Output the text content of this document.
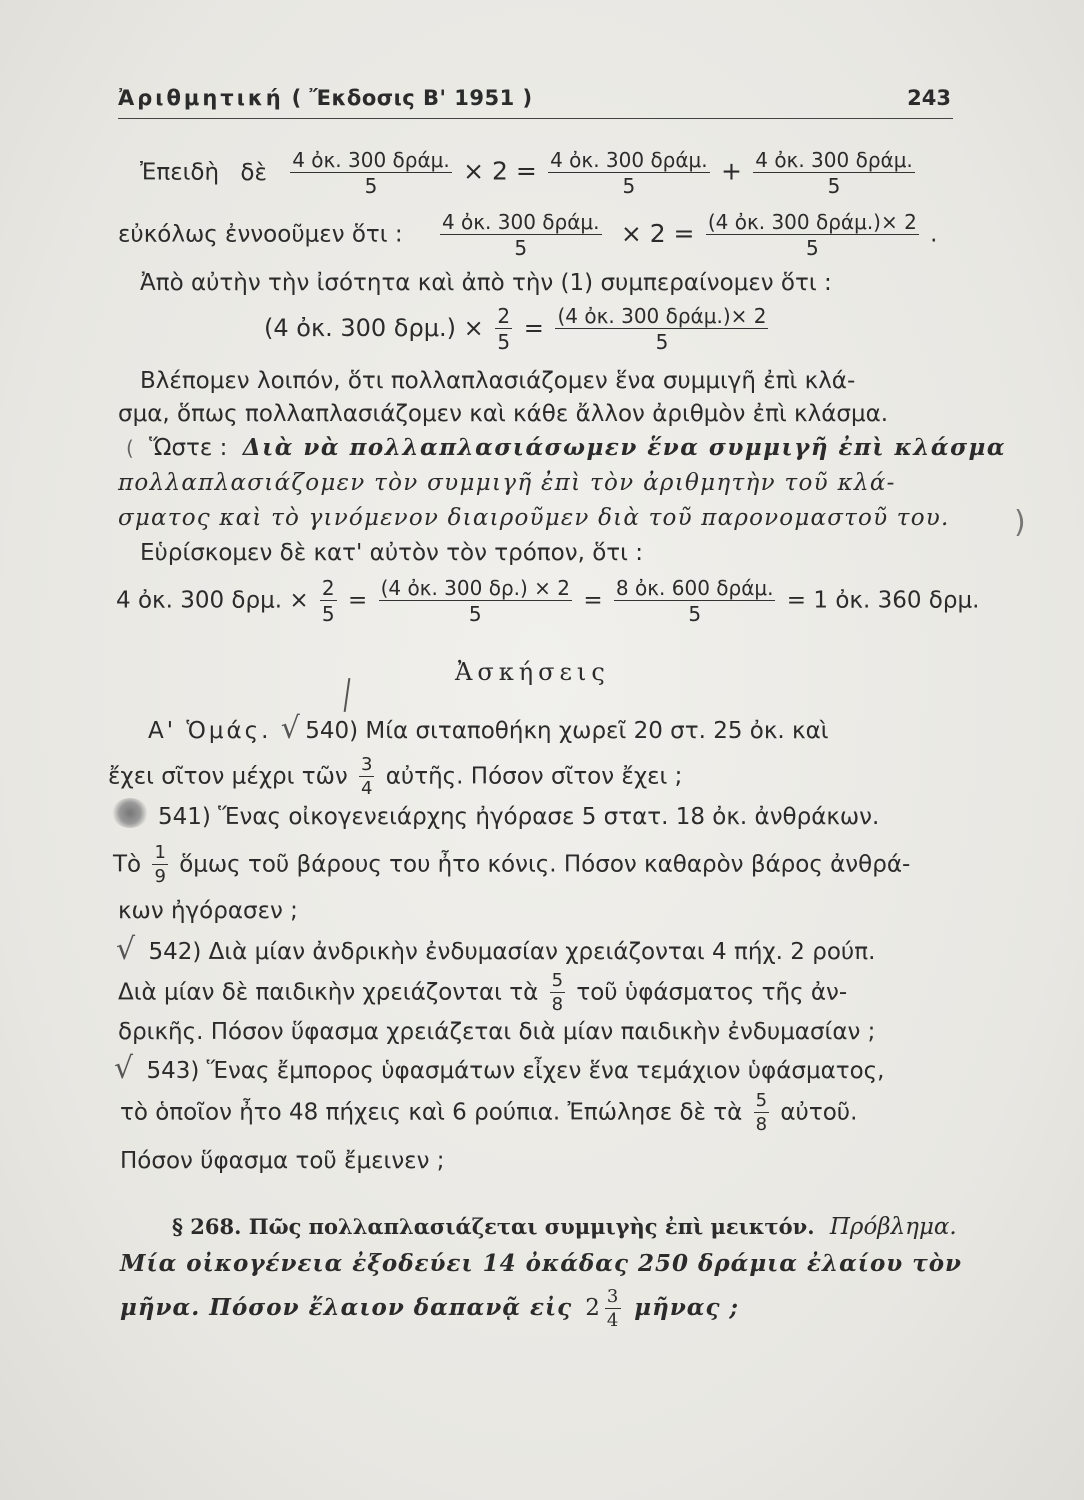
Ἀριθμητική ( Ἔκδοσις Β' 1951 )	243
Ἐπειδὴ δὲ $\frac{\text{4 ὀκ. 300 δράμ.}}{5} \times 2 = \frac{\text{4 ὀκ. 300 δράμ.}}{5} + \frac{\text{4 ὀκ. 300 δράμ.}}{5}$
εὐκόλως ἐννοοῦμεν ὅτι : $\frac{\text{4 ὀκ. 300 δράμ.}}{5} \times 2 = \frac{\text{(4 ὀκ. 300 δράμ.)× 2}}{5}$ .
Ἀπὸ αὐτὴν τὴν ἰσότητα καὶ ἀπὸ τὴν (1) συμπεραίνομεν ὅτι :
(4 ὀκ. 300 $\delta\rho\mu.) \times \frac{2}{5} = \frac{\text{(4 ὀκ. 300 δράμ.)× 2}}{5}$
Βλέπομεν λοιπόν, ὅτι πολλαπλασιάζομεν ἕνα συμμιγῆ ἐπὶ κλά-
σμα, ὅπως πολλαπλασιάζομεν καὶ κάθε ἄλλον ἀριθμὸν ἐπὶ κλάσμα.
( Ὥστε : Διὰ νὰ πολλαπλασιάσωμεν ἕνα συμμιγῆ ἐπὶ κλάσμα
πολλαπλασιάζομεν τὸν συμμιγῆ ἐπὶ τὸν ἀριθμητὴν τοῦ κλά-
σματος καὶ τὸ γινόμενον διαιροῦμεν διὰ τοῦ παρονομαστοῦ του. )
Εὑρίσκομεν δὲ κατ' αὐτὸν τὸν τρόπον, ὅτι :
4 ὀκ. 300 δρμ. × $\frac{2}{5} = \frac{\text{(4 ὀκ. 300 δρ.) × 2}}{5} = \frac{\text{8 ὀκ. 600 δράμ.}}{5} = 1$ ὀκ. 360 δρμ.
Ἀσκήσεις
Α' Ὁμάς. √ 540) Μία σιταποθήκη χωρεῖ 20 στ. 25 ὀκ. καὶ
ἔχει σῖτον μέχρι τῶν $\frac{3}{4}$ αὐτῆς. Πόσον σῖτον ἔχει ;
541) Ἕνας οἰκογενειάρχης ἠγόρασε 5 στατ. 18 ὀκ. ἀνθράκων.
Τὸ $\frac{1}{9}$ ὅμως τοῦ βάρους του ἦτο κόνις. Πόσον καθαρὸν βάρος ἀνθρά-
κων ἠγόρασεν ;
√ 542) Διὰ μίαν ἀνδρικὴν ἐνδυμασίαν χρειάζονται 4 πήχ. 2 ρούπ.
Διὰ μίαν δὲ παιδικὴν χρειάζονται τὰ $\frac{5}{8}$ τοῦ ὑφάσματος τῆς ἀν-
δρικῆς. Πόσον ὕφασμα χρειάζεται διὰ μίαν παιδικὴν ἐνδυμασίαν ;
√ 543) Ἕνας ἔμπορος ὑφασμάτων εἶχεν ἕνα τεμάχιον ὑφάσματος,
τὸ ὁποῖον ἦτο 48 πήχεις καὶ 6 ρούπια. Ἐπώλησε δὲ τὰ $\frac{5}{8}$ αὐτοῦ.
Πόσον ὕφασμα τοῦ ἔμεινεν ;
§ 268. Πῶς πολλαπλασιάζεται συμμιγὴς ἐπὶ μεικτόν. Πρόβλημα.
Μία οἰκογένεια ἐξοδεύει 14 ὀκάδας 250 δράμια ἐλαίου τὸν
μῆνα. Πόσον ἔλαιον δαπανᾷ εἰς $2 \frac{3}{4}$ μῆνας ;
